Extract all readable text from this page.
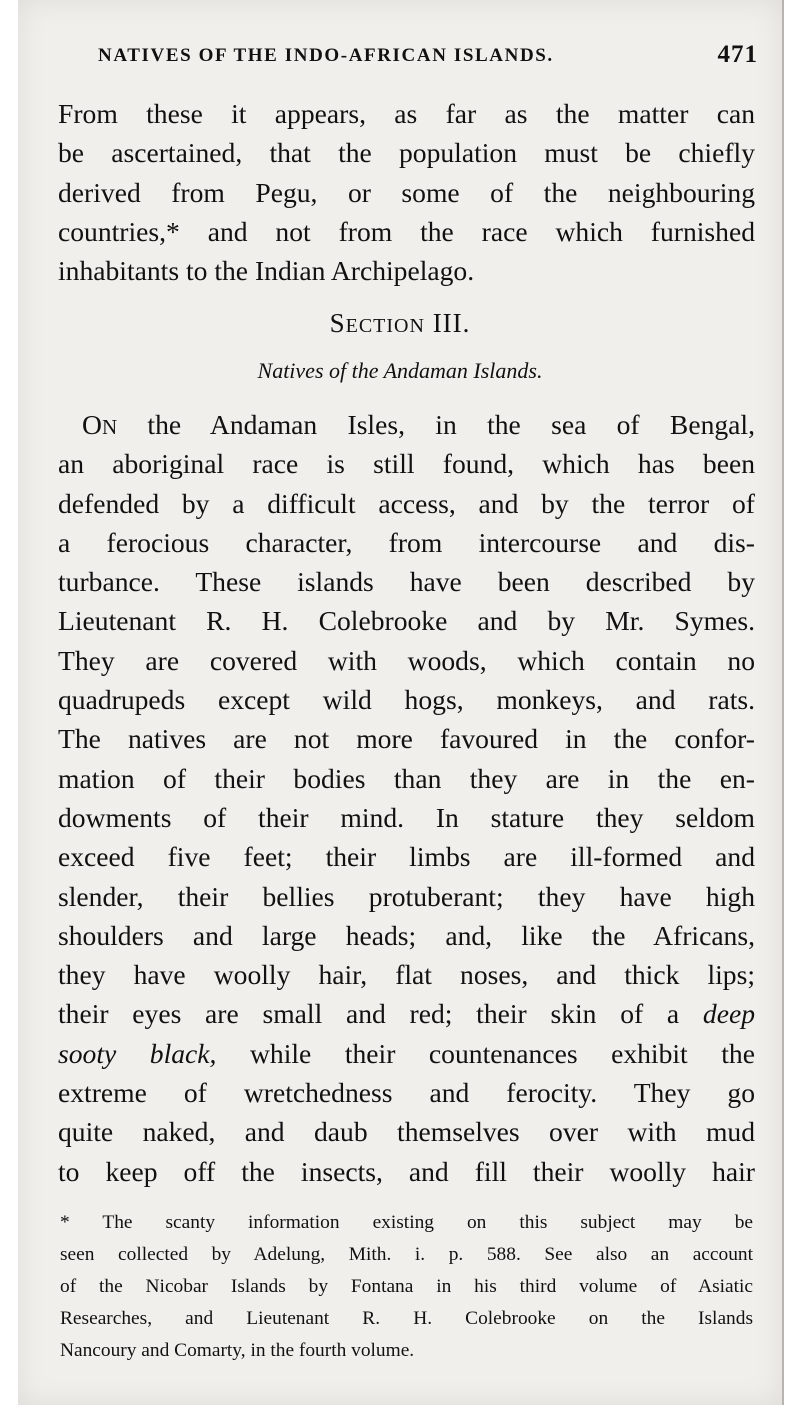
NATIVES OF THE INDO-AFRICAN ISLANDS.	471
From these it appears, as far as the matter can
be ascertained, that the population must be chiefly
derived from Pegu, or some of the neighbouring
countries,* and not from the race which furnished
inhabitants to the Indian Archipelago.
SECTION III.
Natives of the Andaman Islands.
ON the Andaman Isles, in the sea of Bengal,
an aboriginal race is still found, which has been
defended by a difficult access, and by the terror of
a ferocious character, from intercourse and dis-
turbance. These islands have been described by
Lieutenant R. H. Colebrooke and by Mr. Symes.
They are covered with woods, which contain no
quadrupeds except wild hogs, monkeys, and rats.
The natives are not more favoured in the confor-
mation of their bodies than they are in the en-
dowments of their mind. In stature they seldom
exceed five feet; their limbs are ill-formed and
slender, their bellies protuberant; they have high
shoulders and large heads; and, like the Africans,
they have woolly hair, flat noses, and thick lips;
their eyes are small and red; their skin of a deep
sooty black, while their countenances exhibit the
extreme of wretchedness and ferocity. They go
quite naked, and daub themselves over with mud
to keep off the insects, and fill their woolly hair
* The scanty information existing on this subject may be
seen collected by Adelung, Mith. i. p. 588. See also an account
of the Nicobar Islands by Fontana in his third volume of Asiatic
Researches, and Lieutenant R. H. Colebrooke on the Islands
Nancoury and Comarty, in the fourth volume.
